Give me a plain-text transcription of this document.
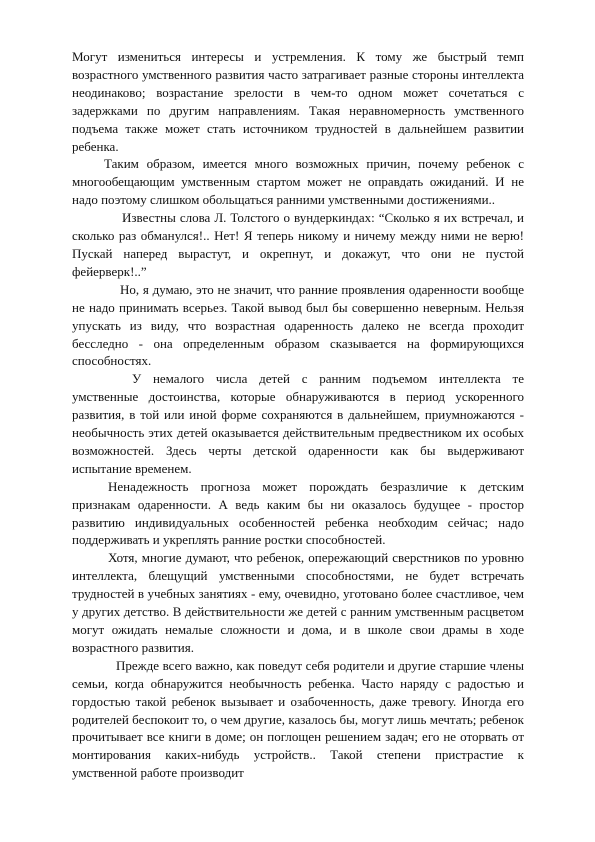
Могут измениться интересы и устремления. К тому же быстрый темп возрастного умственного развития часто затрагивает разные стороны интеллекта неодинаково; возрастание зрелости в чем-то одном может сочетаться с задержками по другим направлениям. Такая неравномерность умственного подъема также может стать источником трудностей в дальнейшем развитии ребенка.

Таким образом, имеется много возможных причин, почему ребенок с многообещающим умственным стартом может не оправдать ожиданий. И не надо поэтому слишком обольщаться ранними умственными достижениями..

Известны слова Л. Толстого о вундеркиндах: “Сколько я их встречал, и сколько раз обманулся!.. Нет! Я теперь никому и ничему между ними не верю! Пускай наперед вырастут, и окрепнут, и докажут, что они не пустой фейерверк!..”

Но, я думаю, это не значит, что ранние проявления одаренности вообще не надо принимать всерьез. Такой вывод был бы совершенно неверным. Нельзя упускать из виду, что возрастная одаренность далеко не всегда проходит бесследно - она определенным образом сказывается на формирующихся способностях.

У немалого числа детей с ранним подъемом интеллекта те умственные достоинства, которые обнаруживаются в период ускоренного развития, в той или иной форме сохраняются в дальнейшем, приумножаются - необычность этих детей оказывается действительным предвестником их особых возможностей. Здесь черты детской одаренности как бы выдерживают испытание временем.

Ненадежность прогноза может порождать безразличие к детским признакам одаренности. А ведь каким бы ни оказалось будущее - простор развитию индивидуальных особенностей ребенка необходим сейчас; надо поддерживать и укреплять ранние ростки способностей.

Хотя, многие думают, что ребенок, опережающий сверстников по уровню интеллекта, блещущий умственными способностями, не будет встречать трудностей в учебных занятиях - ему, очевидно, уготовано более счастливое, чем у других детство. В действительности же детей с ранним умственным расцветом могут ожидать немалые сложности и дома, и в школе свои драмы в ходе возрастного развития.

Прежде всего важно, как поведут себя родители и другие старшие члены семьи, когда обнаружится необычность ребенка. Часто наряду с радостью и гордостью такой ребенок вызывает и озабоченность, даже тревогу. Иногда его родителей беспокоит то, о чем другие, казалось бы, могут лишь мечтать; ребенок прочитывает все книги в доме; он поглощен решением задач; его не оторвать от монтирования каких-нибудь устройств.. Такой степени пристрастие к умственной работе производит
